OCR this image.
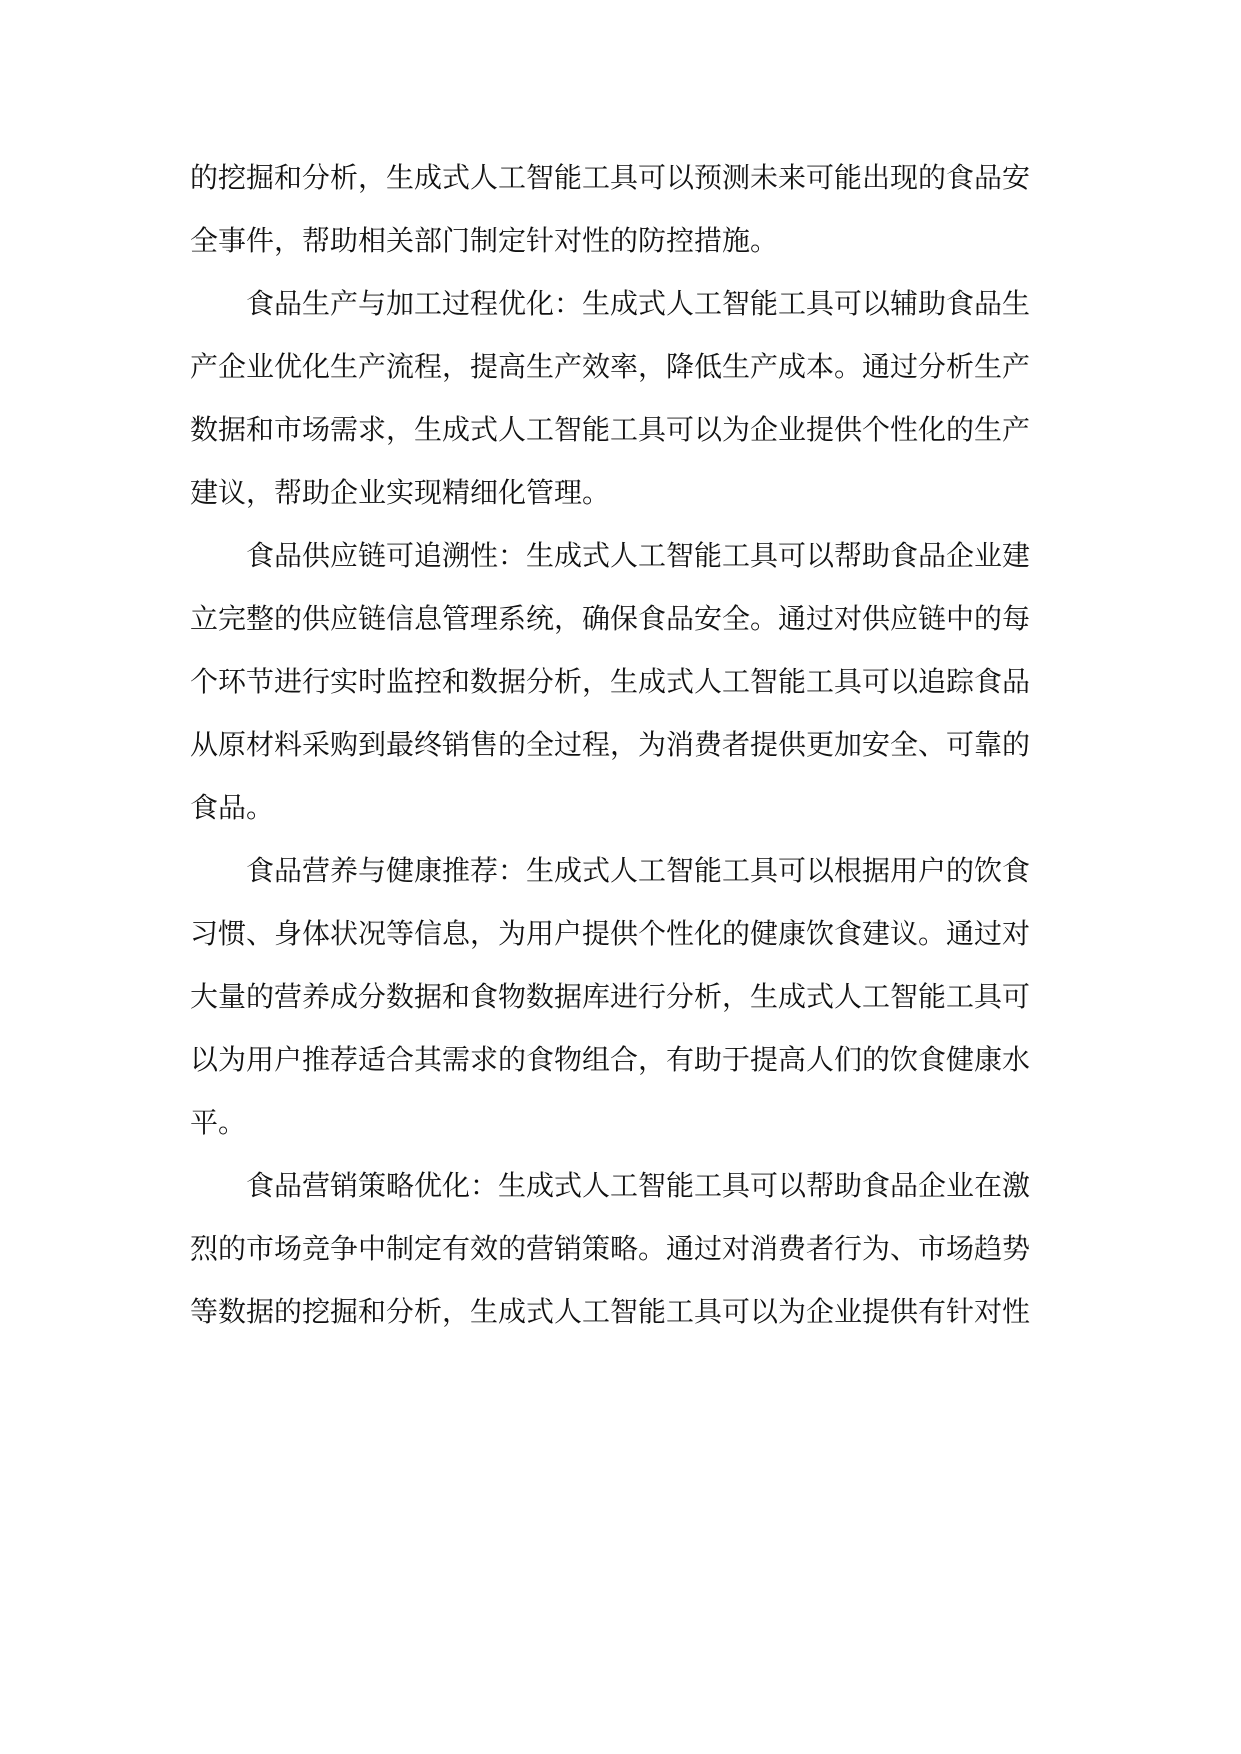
的挖掘和分析，生成式人工智能工具可以预测未来可能出现的食品安
全事件，帮助相关部门制定针对性的防控措施。
食品生产与加工过程优化：生成式人工智能工具可以辅助食品生
产企业优化生产流程，提高生产效率，降低生产成本。通过分析生产
数据和市场需求，生成式人工智能工具可以为企业提供个性化的生产
建议，帮助企业实现精细化管理。
食品供应链可追溯性：生成式人工智能工具可以帮助食品企业建
立完整的供应链信息管理系统，确保食品安全。通过对供应链中的每
个环节进行实时监控和数据分析，生成式人工智能工具可以追踪食品
从原材料采购到最终销售的全过程，为消费者提供更加安全、可靠的
食品。
食品营养与健康推荐：生成式人工智能工具可以根据用户的饮食
习惯、身体状况等信息，为用户提供个性化的健康饮食建议。通过对
大量的营养成分数据和食物数据库进行分析，生成式人工智能工具可
以为用户推荐适合其需求的食物组合，有助于提高人们的饮食健康水
平。
食品营销策略优化：生成式人工智能工具可以帮助食品企业在激
烈的市场竞争中制定有效的营销策略。通过对消费者行为、市场趋势
等数据的挖掘和分析，生成式人工智能工具可以为企业提供有针对性
